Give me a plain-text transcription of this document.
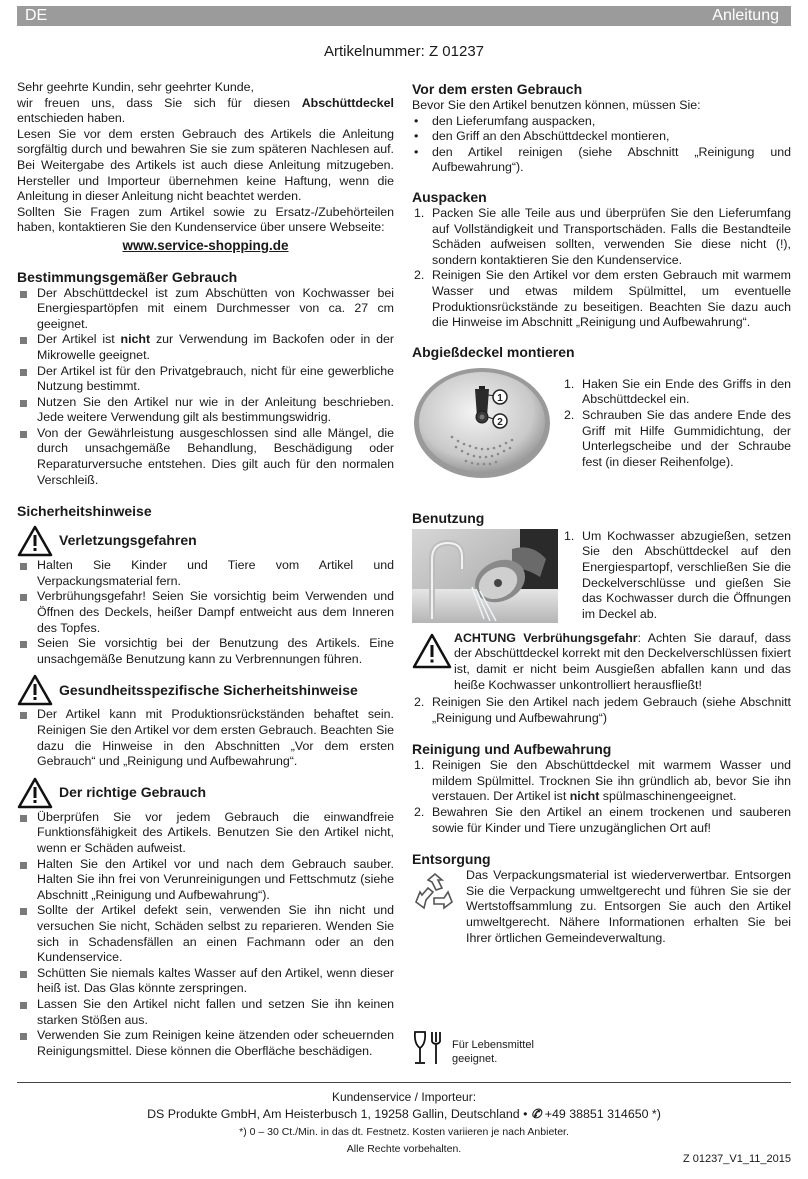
DE	Anleitung
Artikelnummer: Z 01237

Sehr geehrte Kundin, sehr geehrter Kunde,

wir freuen uns, dass Sie sich für diesen Abschüttdeckel entschieden haben.

Lesen Sie vor dem ersten Gebrauch des Artikels die Anleitung sorgfältig durch und bewahren Sie sie zum späteren Nachlesen auf. Bei Weitergabe des Artikels ist auch diese Anleitung mitzugeben. Hersteller und Importeur übernehmen keine Haftung, wenn die Anleitung in dieser Anleitung nicht beachtet werden.

Sollten Sie Fragen zum Artikel sowie zu Ersatz-/Zubehörteilen haben, kontaktieren Sie den Kundenservice über unsere Webseite:

www.service-shopping.de
Bestimmungsgemäßer Gebrauch
Der Abschüttdeckel ist zum Abschütten von Kochwasser bei Energiespartöpfen mit einem Durchmesser von ca. 27 cm geeignet.
Der Artikel ist nicht zur Verwendung im Backofen oder in der Mikrowelle geeignet.
Der Artikel ist für den Privatgebrauch, nicht für eine gewerbliche Nutzung bestimmt.
Nutzen Sie den Artikel nur wie in der Anleitung beschrieben. Jede weitere Verwendung gilt als bestimmungswidrig.
Von der Gewährleistung ausgeschlossen sind alle Mängel, die durch unsachgemäße Behandlung, Beschädigung oder Reparaturversuche entstehen. Dies gilt auch für den normalen Verschleiß.
Sicherheitshinweise
Verletzungsgefahren
Halten Sie Kinder und Tiere vom Artikel und Verpackungsmaterial fern.
Verbrühungsgefahr! Seien Sie vorsichtig beim Verwenden und Öffnen des Deckels, heißer Dampf entweicht aus dem Inneren des Topfes.
Seien Sie vorsichtig bei der Benutzung des Artikels. Eine unsachgemäße Benutzung kann zu Verbrennungen führen.
Gesundheitsspezifische Sicherheitshinweise
Der Artikel kann mit Produktionsrückständen behaftet sein. Reinigen Sie den Artikel vor dem ersten Gebrauch. Beachten Sie dazu die Hinweise in den Abschnitten „Vor dem ersten Gebrauch“ und „Reinigung und Aufbewahrung“.
Der richtige Gebrauch
Überprüfen Sie vor jedem Gebrauch die einwandfreie Funktionsfähigkeit des Artikels. Benutzen Sie den Artikel nicht, wenn er Schäden aufweist.
Halten Sie den Artikel vor und nach dem Gebrauch sauber. Halten Sie ihn frei von Verunreinigungen und Fettschmutz (siehe Abschnitt „Reinigung und Aufbewahrung“).
Sollte der Artikel defekt sein, verwenden Sie ihn nicht und versuchen Sie nicht, Schäden selbst zu reparieren. Wenden Sie sich in Schadensfällen an einen Fachmann oder an den Kundenservice.
Schütten Sie niemals kaltes Wasser auf den Artikel, wenn dieser heiß ist. Das Glas könnte zerspringen.
Lassen Sie den Artikel nicht fallen und setzen Sie ihn keinen starken Stößen aus.
Verwenden Sie zum Reinigen keine ätzenden oder scheuernden Reinigungsmittel. Diese können die Oberfläche beschädigen.
Vor dem ersten Gebrauch

Bevor Sie den Artikel benutzen können, müssen Sie:

• den Lieferumfang auspacken,
• den Griff an den Abschüttdeckel montieren,
• den Artikel reinigen (siehe Abschnitt „Reinigung und Aufbewahrung“).
Auspacken
1. Packen Sie alle Teile aus und überprüfen Sie den Lieferumfang auf Vollständigkeit und Transportschäden. Falls die Bestandteile Schäden aufweisen sollten, verwenden Sie diese nicht (!), sondern kontaktieren Sie den Kundenservice.
2. Reinigen Sie den Artikel vor dem ersten Gebrauch mit warmem Wasser und etwas mildem Spülmittel, um eventuelle Produktionsrückstände zu beseitigen. Beachten Sie dazu auch die Hinweise im Abschnitt „Reinigung und Aufbewahrung“.
Abgießdeckel montieren
1
2
1. Haken Sie ein Ende des Griffs in den Abschüttdeckel ein.
2. Schrauben Sie das andere Ende des Griff mit Hilfe Gummidichtung, der Unterlegscheibe und der Schraube fest (in dieser Reihenfolge).
Benutzung
1. Um Kochwasser abzugießen, setzen Sie den Abschüttdeckel auf den Energiespartopf, verschließen Sie die Deckelverschlüsse und gießen Sie das Kochwasser durch die Öffnungen im Deckel ab.

ACHTUNG Verbrühungsgefahr: Achten Sie darauf, dass der Abschüttdeckel korrekt mit den Deckelverschlüssen fixiert ist, damit er nicht beim Ausgießen abfallen kann und das heiße Kochwasser unkontrolliert herausfließt!

2. Reinigen Sie den Artikel nach jedem Gebrauch (siehe Abschnitt „Reinigung und Aufbewahrung“)
Reinigung und Aufbewahrung
1. Reinigen Sie den Abschüttdeckel mit warmem Wasser und mildem Spülmittel. Trocknen Sie ihn gründlich ab, bevor Sie ihn verstauen. Der Artikel ist nicht spülmaschinengeeignet.
2. Bewahren Sie den Artikel an einem trockenen und sauberen sowie für Kinder und Tiere unzugänglichen Ort auf!
Entsorgung

Das Verpackungsmaterial ist wiederverwertbar. Entsorgen Sie die Verpackung umweltgerecht und führen Sie sie der Wertstoffsammlung zu. Entsorgen Sie auch den Artikel umweltgerecht. Nähere Informationen erhalten Sie bei Ihrer örtlichen Gemeindeverwaltung.

Für Lebensmittel
geeignet.
Kundenservice / Importeur:
DS Produkte GmbH, Am Heisterbusch 1, 19258 Gallin, Deutschland • ✆ +49 38851 314650 *)
*) 0 – 30 Ct./Min. in das dt. Festnetz. Kosten variieren je nach Anbieter.
Alle Rechte vorbehalten.
Z 01237_V1_11_2015
